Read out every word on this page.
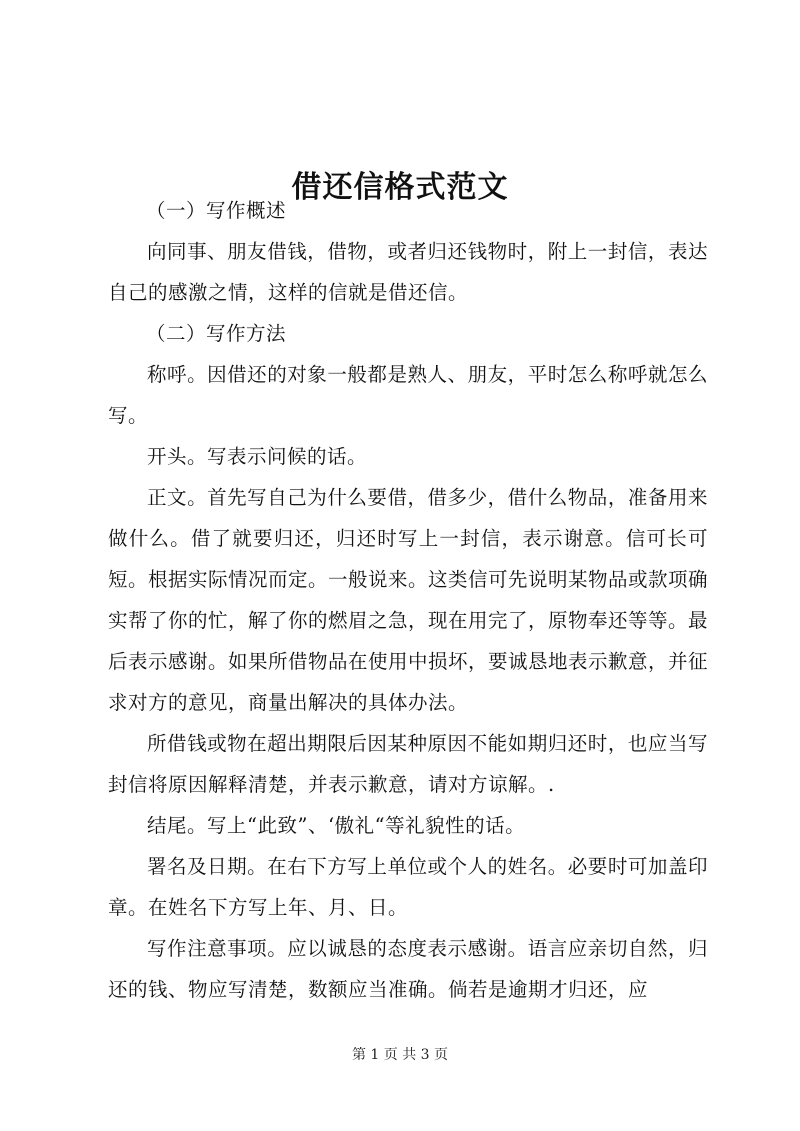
借还信格式范文

（一）写作概述

向同事、朋友借钱，借物，或者归还钱物时，附上一封信，表达自己的感激之情，这样的信就是借还信。

（二）写作方法

称呼。因借还的对象一般都是熟人、朋友，平时怎么称呼就怎么写。

开头。写表示问候的话。

正文。首先写自己为什么要借，借多少，借什么物品，准备用来做什么。借了就要归还，归还时写上一封信，表示谢意。信可长可短。根据实际情况而定。一般说来。这类信可先说明某物品或款项确实帮了你的忙，解了你的燃眉之急，现在用完了，原物奉还等等。最后表示感谢。如果所借物品在使用中损坏，要诚恳地表示歉意，并征求对方的意见，商量出解决的具体办法。

所借钱或物在超出期限后因某种原因不能如期归还时，也应当写封信将原因解释清楚，并表示歉意，请对方谅解。.

结尾。写上“此致”、‘傲礼“等礼貌性的话。

署名及日期。在右下方写上单位或个人的姓名。必要时可加盖印章。在姓名下方写上年、月、日。

写作注意事项。应以诚恳的态度表示感谢。语言应亲切自然，归还的钱、物应写清楚，数额应当准确。倘若是逾期才归还，应

第 1 页 共 3 页
